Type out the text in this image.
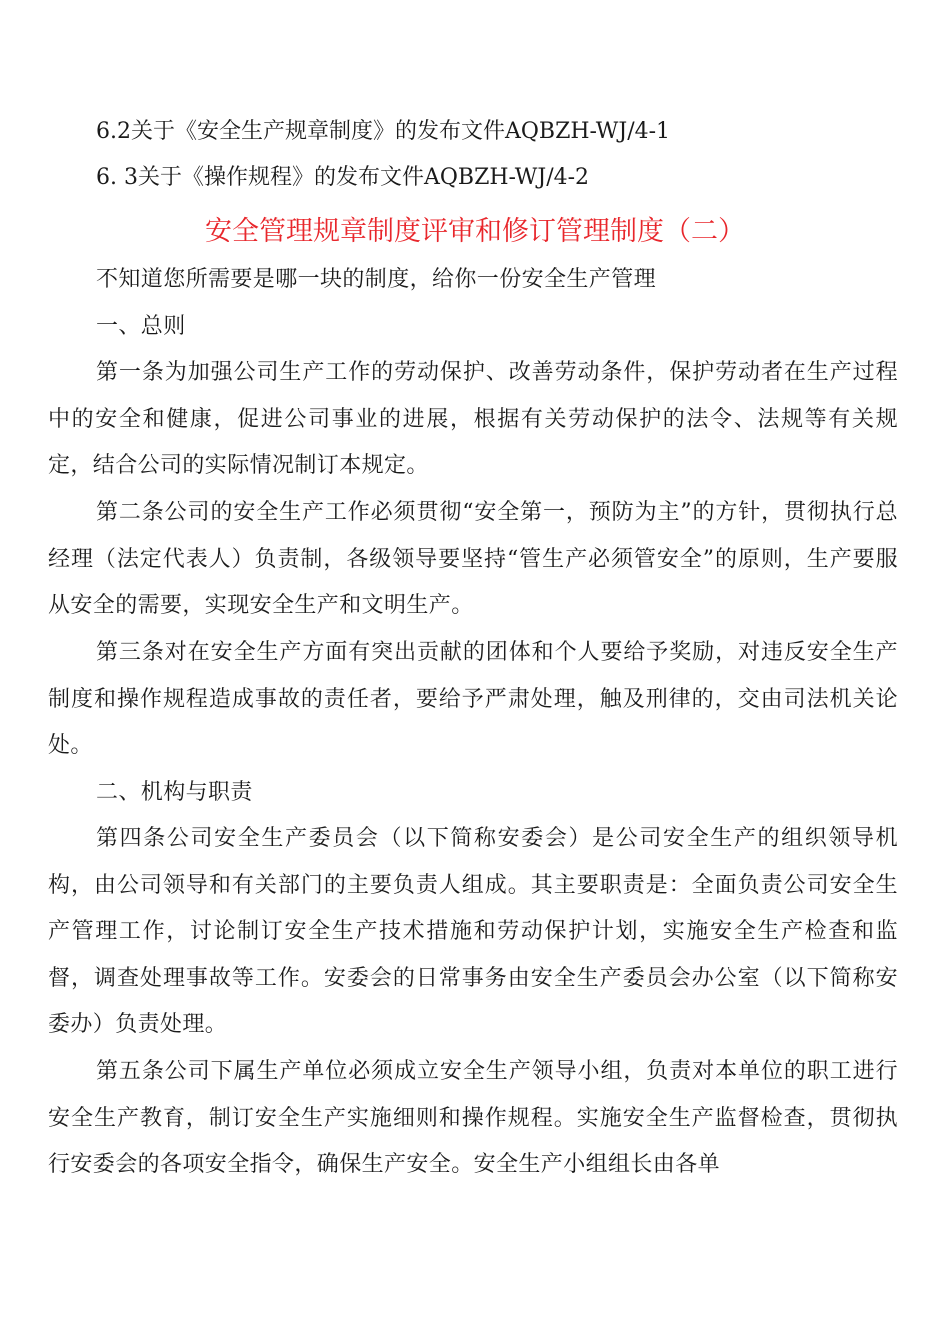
6.2关于《安全生产规章制度》的发布文件AQBZH-WJ/4-1
6. 3关于《操作规程》的发布文件AQBZH-WJ/4-2
安全管理规章制度评审和修订管理制度（二）
不知道您所需要是哪一块的制度，给你一份安全生产管理
一、总则
第一条为加强公司生产工作的劳动保护、改善劳动条件，保护劳动者在生产过程中的安全和健康，促进公司事业的进展，根据有关劳动保护的法令、法规等有关规定，结合公司的实际情况制订本规定。
第二条公司的安全生产工作必须贯彻“安全第一，预防为主”的方针，贯彻执行总经理（法定代表人）负责制，各级领导要坚持“管生产必须管安全”的原则，生产要服从安全的需要，实现安全生产和文明生产。
第三条对在安全生产方面有突出贡献的团体和个人要给予奖励，对违反安全生产制度和操作规程造成事故的责任者，要给予严肃处理，触及刑律的，交由司法机关论处。
二、机构与职责
第四条公司安全生产委员会（以下简称安委会）是公司安全生产的组织领导机构，由公司领导和有关部门的主要负责人组成。其主要职责是：全面负责公司安全生产管理工作，讨论制订安全生产技术措施和劳动保护计划，实施安全生产检查和监督，调查处理事故等工作。安委会的日常事务由安全生产委员会办公室（以下简称安委办）负责处理。
第五条公司下属生产单位必须成立安全生产领导小组，负责对本单位的职工进行安全生产教育，制订安全生产实施细则和操作规程。实施安全生产监督检查，贯彻执行安委会的各项安全指令，确保生产安全。安全生产小组组长由各单
